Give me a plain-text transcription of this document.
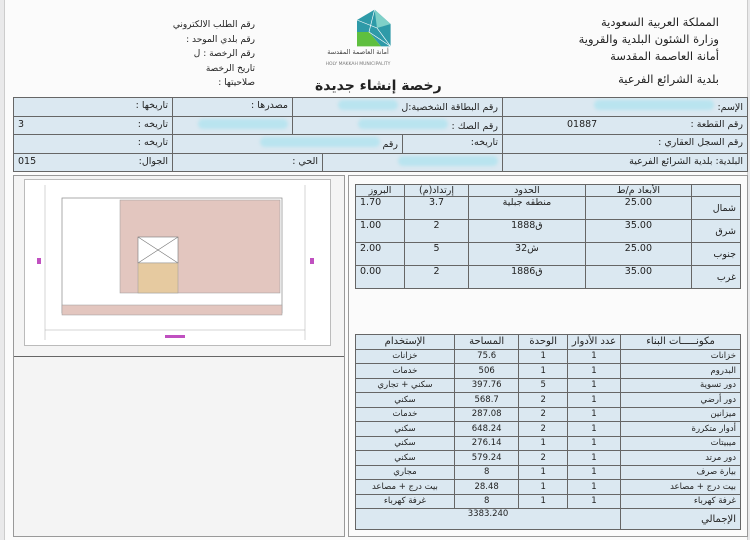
المملكة العربية السعودية
وزارة الشئون البلدية والقروية
أمانة العاصمة المقدسة
بلدية الشرائع الفرعية
أمانة العاصمة المقدسة
HOLY MAKKAH MUNICIPALITY
رقم الطلب الالكتروني
رقم بلدي الموحد :
رقم الرخصة : ل
تاريخ الرخصة
صلاحيتها :	رخصة إنشاء جديدة
الإسم:
رقم البطاقة الشخصية:ل
مصدرها :
تاريخها :
رقم القطعة :
01887
رقم الصك :
تاريخه :
3
رقم السجل العقاري :
تاريخه:
رقم
تاريخه :
البلدية: بلدية الشرائع الفرعية
الحي :
الجوال:
015
	الأبعاد م/ط	الحدود	إرتداد(م)	البروز
شمال	25.00	منطقه جبلية	3.7	1.70
شرق	35.00	ق1888	2	1.00
جنوب	25.00	ش32	5	2.00
غرب	35.00	ق1886	2	0.00
مكونـــــات البناء	عدد الأدوار	الوحدة	المساحة	الإستخدام
خزانات	1	1	75.6	خزانات
البدروم	1	1	506	خدمات
دور تسوية	1	5	397.76	سكني + تجاري
دور أرضي	1	2	568.7	سكني
ميزانين	1	2	287.08	خدمات
أدوار متكررة	1	2	648.24	سكني
ميبيتات	1	1	276.14	سكني
دور مرتد	1	2	579.24	سكني
بيارة صرف	1	1	8	مجاري
بيت درج + مصاعد	1	1	28.48	بيت درج + مصاعد
غرفة كهرباء	1	1	8	غرفة كهرباء
الإجمالي	3383.240			
